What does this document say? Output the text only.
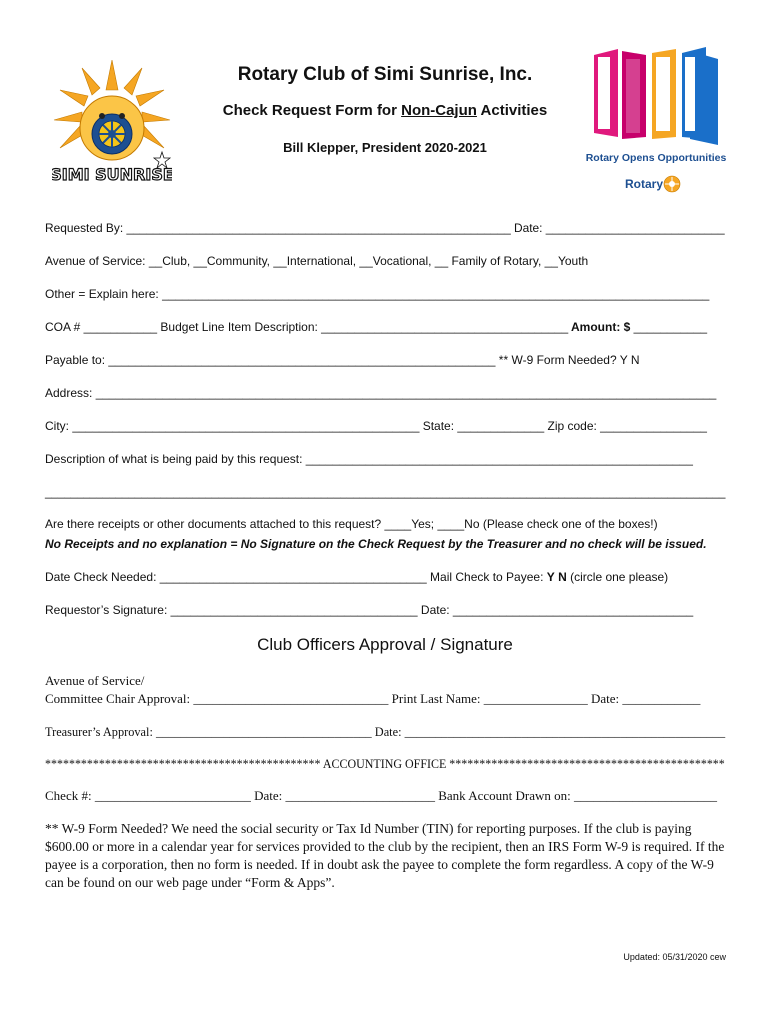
SIMI SUNRISE
Rotary Opens Opportunities
Rotary
Rotary Club of Simi Sunrise, Inc.
Check Request Form for Non-Cajun Activities
Bill Klepper, President 2020-2021
Requested By: __________________________________________________________ Date: ___________________________
Avenue of Service: __Club, __Community, __International, __Vocational, __ Family of Rotary, __Youth
Other = Explain here: __________________________________________________________________________________
COA # ___________ Budget Line Item Description: _____________________________________ Amount: $ ___________
Payable to: __________________________________________________________ ** W-9 Form Needed? Y N
Address: _____________________________________________________________________________________________
City: ____________________________________________________ State: _____________ Zip code: ________________
Description of what is being paid by this request: __________________________________________________________
__________________________________________________________________________________________________________
Are there receipts or other documents attached to this request? ____Yes; ____No (Please check one of the boxes!)
No Receipts and no explanation = No Signature on the Check Request by the Treasurer and no check will be issued.
Date Check Needed: ________________________________________ Mail Check to Payee: Y N (circle one please)
Requestor’s Signature: _____________________________________ Date: ____________________________________
Club Officers Approval / Signature
Avenue of Service/
Committee Chair Approval: ______________________________ Print Last Name: ________________ Date: ____________
Treasurer’s Approval: ___________________________________ Date: ____________________________________________________
********************************************** ACCOUNTING OFFICE **********************************************
Check #: ________________________ Date: _______________________ Bank Account Drawn on: ______________________
** W-9 Form Needed? We need the social security or Tax Id Number (TIN) for reporting purposes. If the club is paying $600.00 or more in a calendar year for services provided to the club by the recipient, then an IRS Form W-9 is required. If the payee is a corporation, then no form is needed. If in doubt ask the payee to complete the form regardless. A copy of the W-9 can be found on our web page under “Form & Apps”.
Updated: 05/31/2020 cew
